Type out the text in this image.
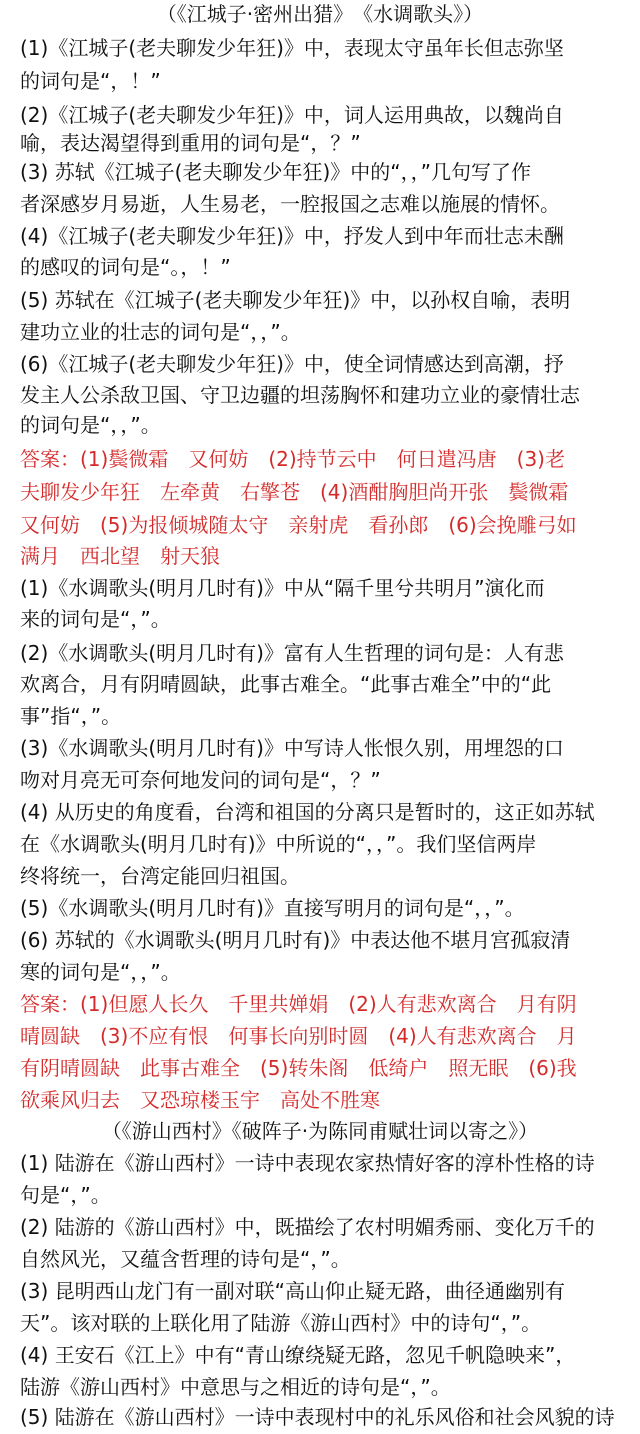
（《江城子·密州出猎》　《水调歌头》）
(1)《江城子(老夫聊发少年狂)》中，表现太守虽年长但志弥坚
的词句是“，！”
(2)《江城子(老夫聊发少年狂)》中，词人运用典故，以魏尚自
喻，表达渴望得到重用的词句是“，？”
(3) 苏轼《江城子(老夫聊发少年狂)》中的“，，”几句写了作
者深感岁月易逝，人生易老，一腔报国之志难以施展的情怀。
(4)《江城子(老夫聊发少年狂)》中，抒发人到中年而壮志未酬
的感叹的词句是“。，！”
(5) 苏轼在《江城子(老夫聊发少年狂)》中，以孙权自喻，表明
建功立业的壮志的词句是“，，”。
(6)《江城子(老夫聊发少年狂)》中，使全词情感达到高潮，抒
发主人公杀敌卫国、守卫边疆的坦荡胸怀和建功立业的豪情壮志
的词句是“，，”。
答案：(1)鬓微霜　又何妨　(2)持节云中　何日遣冯唐　(3)老
夫聊发少年狂　左牵黄　右擎苍　(4)酒酣胸胆尚开张　鬓微霜
又何妨　(5)为报倾城随太守　亲射虎　看孙郎　(6)会挽雕弓如
满月　西北望　射天狼
(1)《水调歌头(明月几时有)》中从“隔千里兮共明月”演化而
来的词句是“，”。
(2)《水调歌头(明月几时有)》富有人生哲理的词句是：人有悲
欢离合，月有阴晴圆缺，此事古难全。“此事古难全”中的“此
事”指“，”。
(3)《水调歌头(明月几时有)》中写诗人怅恨久别，用埋怨的口
吻对月亮无可奈何地发问的词句是“，？”
(4) 从历史的角度看，台湾和祖国的分离只是暂时的，这正如苏轼
在《水调歌头(明月几时有)》中所说的“，，”。我们坚信两岸
终将统一，台湾定能回归祖国。
(5)《水调歌头(明月几时有)》直接写明月的词句是“，，”。
(6) 苏轼的《水调歌头(明月几时有)》中表达他不堪月宫孤寂清
寒的词句是“，，”。
答案：(1)但愿人长久　千里共婵娟　(2)人有悲欢离合　月有阴
晴圆缺　(3)不应有恨　何事长向别时圆　(4)人有悲欢离合　月
有阴晴圆缺　此事古难全　(5)转朱阁　低绮户　照无眠　(6)我
欲乘风归去　又恐琼楼玉宇　高处不胜寒
（《游山西村》《破阵子·为陈同甫赋壮词以寄之》）
(1) 陆游在《游山西村》一诗中表现农家热情好客的淳朴性格的诗
句是“，”。
(2) 陆游的《游山西村》中，既描绘了农村明媚秀丽、变化万千的
自然风光，又蕴含哲理的诗句是“，”。
(3) 昆明西山龙门有一副对联“高山仰止疑无路，曲径通幽别有
天”。该对联的上联化用了陆游《游山西村》中的诗句“，”。
(4) 王安石《江上》中有“青山缭绕疑无路，忽见千帆隐映来”，
陆游《游山西村》中意思与之相近的诗句是“，”。
(5) 陆游在《游山西村》一诗中表现村中的礼乐风俗和社会风貌的诗
